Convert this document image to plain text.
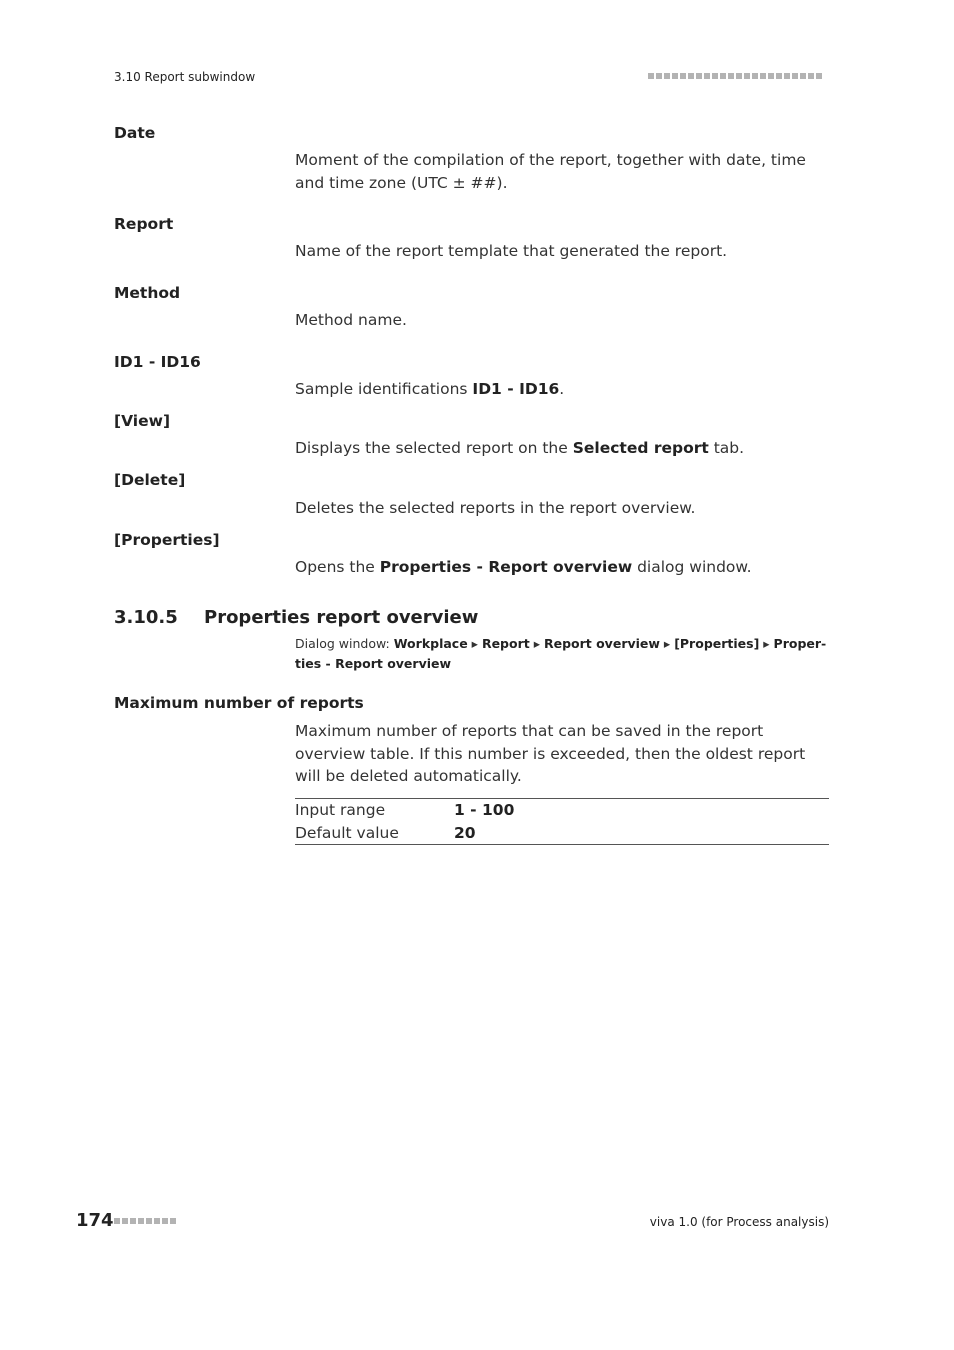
3.10 Report subwindow
Date
Moment of the compilation of the report, together with date, time and time zone (UTC ± ##).
Report
Name of the report template that generated the report.
Method
Method name.
ID1 - ID16
Sample identifications ID1 - ID16.
[View]
Displays the selected report on the Selected report tab.
[Delete]
Deletes the selected reports in the report overview.
[Properties]
Opens the Properties - Report overview dialog window.
3.10.5 Properties report overview
Dialog window: Workplace ▸ Report ▸ Report overview ▸ [Properties] ▸ Proper-
ties - Report overview
Maximum number of reports
Maximum number of reports that can be saved in the report overview table. If this number is exceeded, then the oldest report will be deleted automatically.
Input range	1 - 100
Default value	20
174	viva 1.0 (for Process analysis)
